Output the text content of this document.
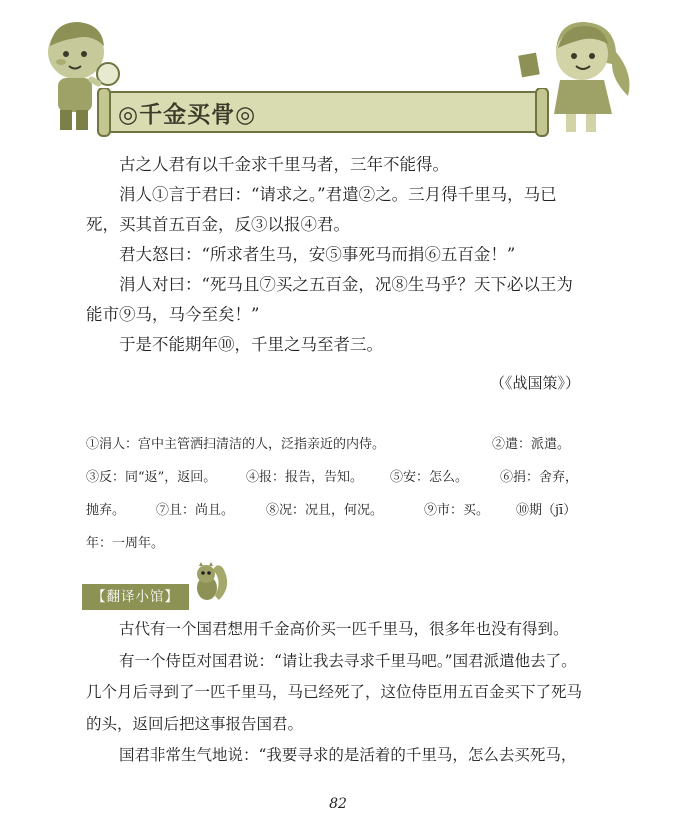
◎千金买骨◎

古之人君有以千金求千里马者，三年不能得。

涓人①言于君曰：“请求之。”君遣②之。三月得千里马，马已死，买其首五百金，反③以报④君。

君大怒曰：“所求者生马，安⑤事死马而捐⑥五百金！”

涓人对曰：“死马且⑦买之五百金，况⑧生马乎？天下必以王为能市⑨马，马今至矣！”

于是不能期年⑩，千里之马至者三。

（《战国策》）
①涓人：宫中主管洒扫清洁的人，泛指亲近的内侍。	②遣：派遣。
③反：同“返”，返回。 ④报：报告，告知。 ⑤安：怎么。 ⑥捐：舍弃，
抛弃。 ⑦且：尚且。 ⑧况：况且，何况。	⑨市：买。 ⑩期（jī）
年：一周年。
【翻译小馆】

古代有一个国君想用千金高价买一匹千里马，很多年也没有得到。

有一个侍臣对国君说：“请让我去寻求千里马吧。”国君派遣他去了。几个月后寻到了一匹千里马，马已经死了，这位侍臣用五百金买下了死马的头，返回后把这事报告国君。

国君非常生气地说：“我要寻求的是活着的千里马，怎么去买死马，

82
